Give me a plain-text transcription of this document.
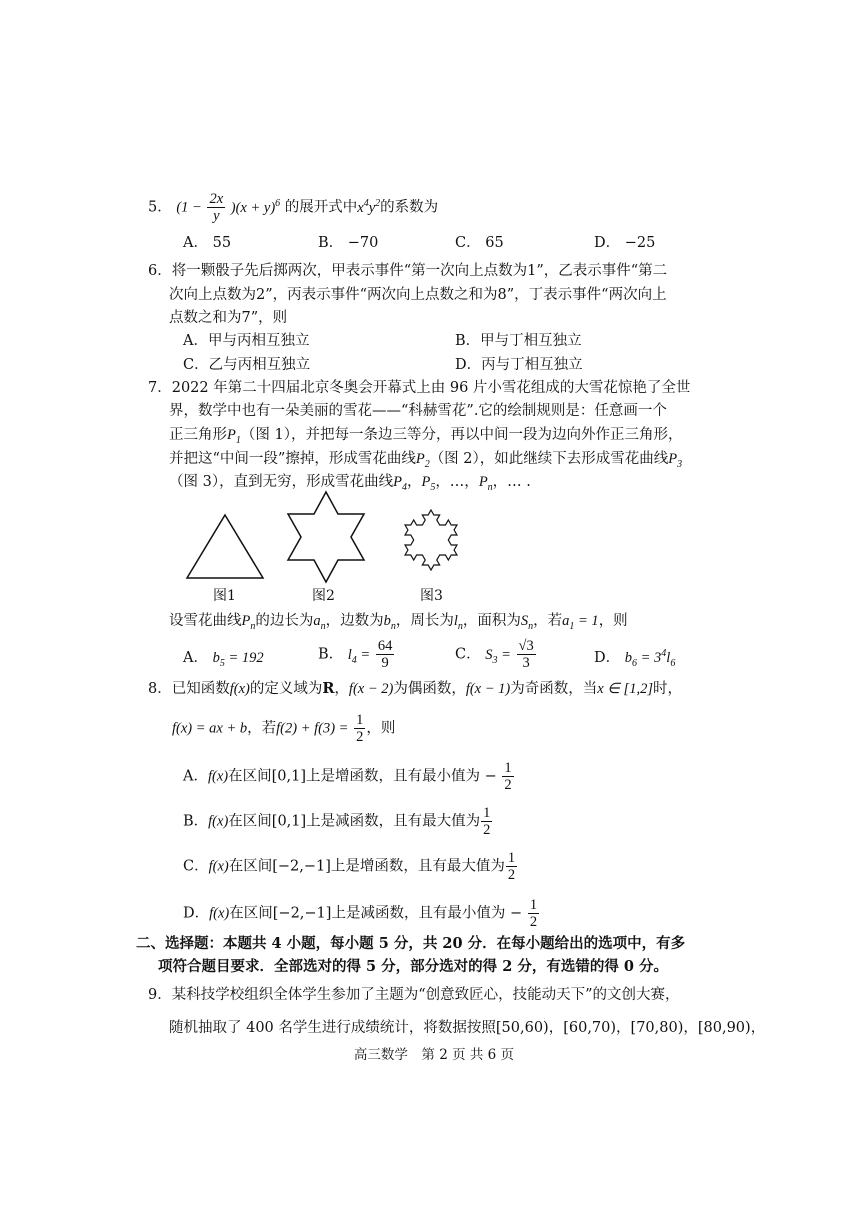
5． $(1 - \frac{2x}{y} )(x + y)^6$ 的展开式中$x^4y^2$的系数为
A． 55	B． −70	C． 65	D． −25
6．将一颗骰子先后掷两次，甲表示事件“第一次向上点数为1”，乙表示事件“第二
次向上点数为2”，丙表示事件“两次向上点数之和为8”，丁表示事件“两次向上
点数之和为7”，则
A．甲与丙相互独立	B．甲与丁相互独立
C．乙与丙相互独立	D．丙与丁相互独立
7．2022 年第二十四届北京冬奥会开幕式上由 96 片小雪花组成的大雪花惊艳了全世
界，数学中也有一朵美丽的雪花——“科赫雪花”.它的绘制规则是：任意画一个
正三角形$P_1$（图 1），并把每一条边三等分，再以中间一段为边向外作正三角形，
并把这“中间一段”擦掉，形成雪花曲线$P_2$（图 2），如此继续下去形成雪花曲线$P_3$
（图 3），直到无穷，形成雪花曲线$P_4$，$P_5$，…，$P_n$，… .
图1	图2	图3
设雪花曲线$P_n$的边长为$a_n$，边数为$b_n$，周长为$l_n$，面积为$S_n$，若$a_1 = 1$，则
A． $b_5 = 192$	B． $l_4 = \frac{64}{9}$	C． $S_3 = \frac{√3}{3}$	D． $b_6 = 3^4l_6$
8．已知函数f(x)的定义域为R，f(x − 2)为偶函数，f(x − 1)为奇函数，当x ∈ [1,2]时，
f(x) = ax + b，若$f(2) + f(3) = \frac{1}{2}$ ，则
A．f(x)在区间[0,1]上是增函数，且有最小值为 − $\frac{1}{2}$
B．f(x)在区间[0,1]上是减函数，且有最大值为 $\frac{1}{2}$
C．f(x)在区间[−2,−1]上是增函数，且有最大值为 $\frac{1}{2}$
D．f(x)在区间[−2,−1]上是减函数，且有最小值为 − $\frac{1}{2}$
二、选择题：本题共 4 小题，每小题 5 分，共 20 分．在每小题给出的选项中，有多
项符合题目要求．全部选对的得 5 分，部分选对的得 2 分，有选错的得 0 分。
9．某科技学校组织全体学生参加了主题为“创意致匠心，技能动天下”的文创大赛，
随机抽取了 400 名学生进行成绩统计，将数据按照[50,60)，[60,70)，[70,80)，[80,90)，
高三数学　第 2 页 共 6 页
